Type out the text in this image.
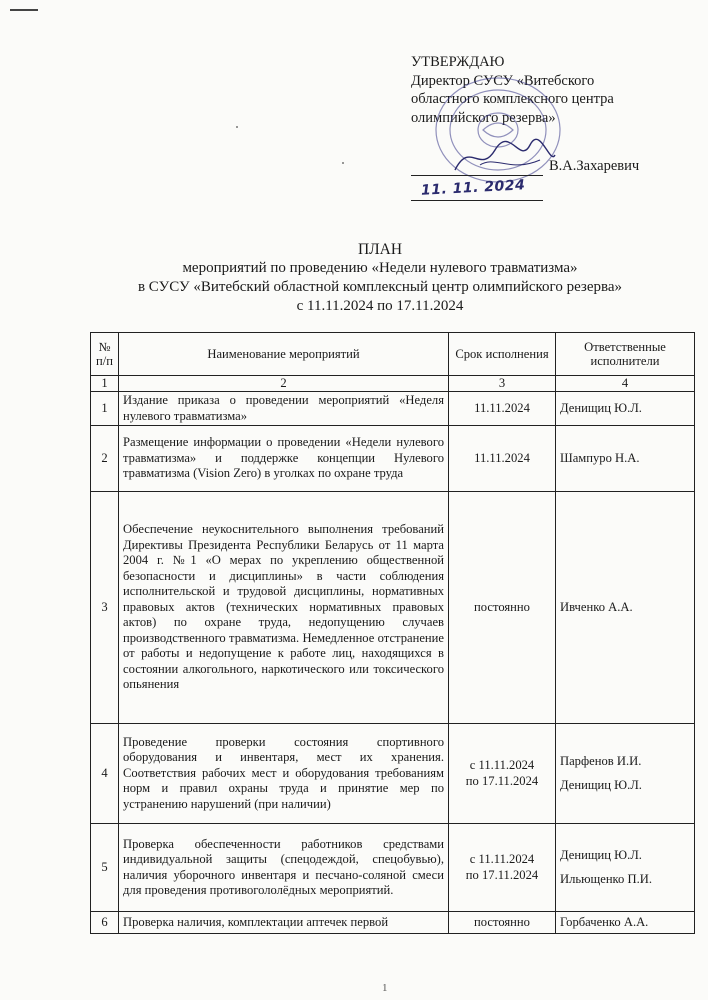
УТВЕРЖДАЮ
Директор СУСУ «Витебского
областного комплексного центра
олимпийского резерва»
В.А.Захаревич
11. 11. 2024
ПЛАН
мероприятий по проведению «Недели нулевого травматизма»
в СУСУ «Витебский областной комплексный центр олимпийского резерва»
с 11.11.2024 по 17.11.2024
№ п/п	Наименование мероприятий	Срок исполнения	Ответственные исполнители
1	2	3	4
1	Издание приказа о проведении мероприятий «Неделя нулевого травматизма»	11.11.2024	Денищиц Ю.Л.

2	Размещение информации о проведении «Недели нулевого травматизма» и поддержке концепции Нулевого травматизма (Vision Zero) в уголках по охране труда	11.11.2024	Шампуро Н.А.

3	Обеспечение неукоснительного выполнения требований Директивы Президента Республики Беларусь от 11 марта 2004 г. №1 «О мерах по укреплению общественной безопасности и дисциплины» в части соблюдения исполнительской и трудовой дисциплины, нормативных правовых актов (технических нормативных правовых актов) по охране труда, недопущению случаев производственного травматизма. Немедленное отстранение от работы и недопущение к работе лиц, находящихся в состоянии алкогольного, наркотического или токсического опьянения	постоянно	Ивченко А.А.

4	Проведение проверки состояния спортивного оборудования и инвентаря, мест их хранения. Соответствия рабочих мест и оборудования требованиям норм и правил охраны труда и принятие мер по устранению нарушений (при наличии)	с 11.11.2024
по 17.11.2024	Парфенов И.И.
Денищиц Ю.Л.

5	Проверка обеспеченности работников средствами индивидуальной защиты (спецодеждой, спецобувью), наличия уборочного инвентаря и песчано-соляной смеси для проведения противогололёдных мероприятий.	с 11.11.2024
по 17.11.2024	Денищиц Ю.Л.
Ильющенко П.И.

6	Проверка наличия, комплектации аптечек первой	постоянно	Горбаченко А.А.
1
